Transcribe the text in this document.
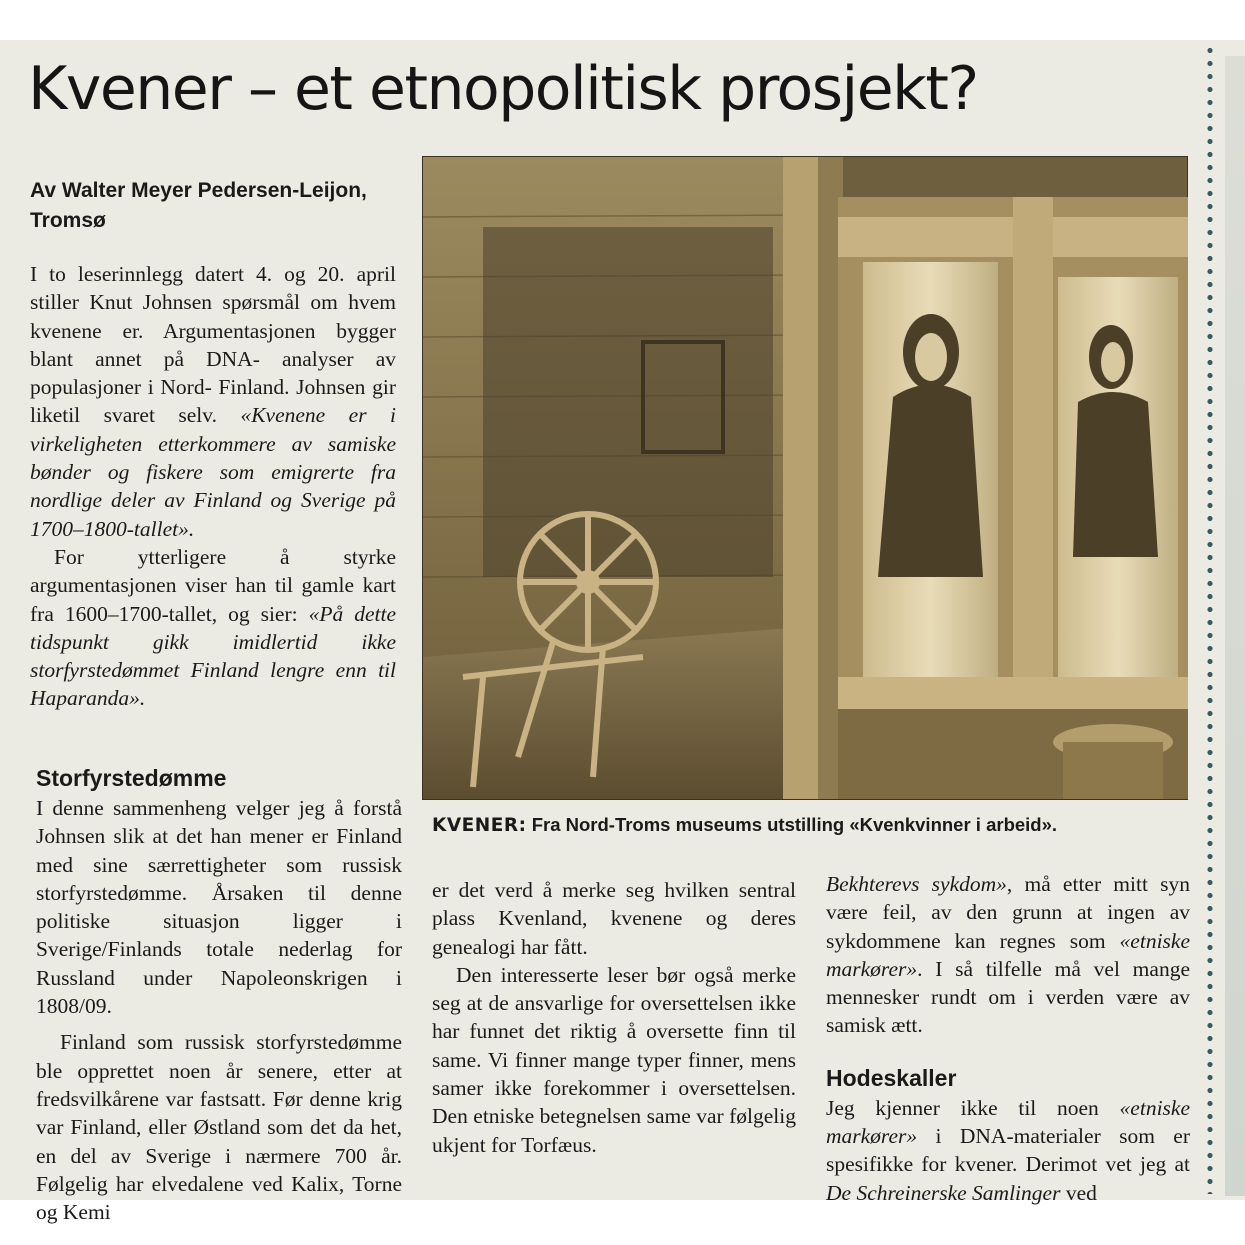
Kvener – et etnopolitisk prosjekt?
Av Walter Meyer Pedersen-Leijon,
Tromsø

I to leserinnlegg datert 4. og 20. april stiller Knut Johnsen spørsmål om hvem kvenene er. Argumentasjonen bygger blant annet på DNA- analyser av populasjoner i Nord- Finland. Johnsen gir liketil svaret selv. «Kvenene er i virkeligheten etterkommere av samiske bønder og fiskere som emigrerte fra nordlige deler av Finland og Sverige på 1700–1800-tallet».

For ytterligere å styrke argumentasjonen viser han til gamle kart fra 1600–1700-tallet, og sier: «På dette tidspunkt gikk imidlertid ikke storfyrstedømmet Finland lengre enn til Haparanda».

Storfyrstedømme

I denne sammenheng velger jeg å forstå Johnsen slik at det han mener er Finland med sine særrettigheter som russisk storfyrstedømme. Årsaken til denne politiske situasjon ligger i Sverige/Finlands totale nederlag for Russland under Napoleonskrigen i 1808/09.

Finland som russisk storfyrstedømme ble opprettet noen år senere, etter at fredsvilkårene var fastsatt. Før denne krig var Finland, eller Østland som det da het, en del av Sverige i nærmere 700 år. Følgelig har elvedalene ved Kalix, Torne og Kemi

KVENER: Fra Nord-Troms museums utstilling «Kvenkvinner i arbeid».

er det verd å merke seg hvilken sentral plass Kvenland, kvenene og deres genealogi har fått.

Den interesserte leser bør også merke seg at de ansvarlige for oversettelsen ikke har funnet det riktig å oversette finn til same. Vi finner mange typer finner, mens samer ikke forekommer i oversettelsen. Den etniske betegnelsen same var følgelig ukjent for Torfæus.

Bekhterevs sykdom», må etter mitt syn være feil, av den grunn at ingen av sykdommene kan regnes som «etniske markører». I så tilfelle må vel mange mennesker rundt om i verden være av samisk ætt.

Hodeskaller

Jeg kjenner ikke til noen «etniske markører» i DNA-materialer som er spesifikke for kvener. Derimot vet jeg at De Schreinerske Samlinger ved
